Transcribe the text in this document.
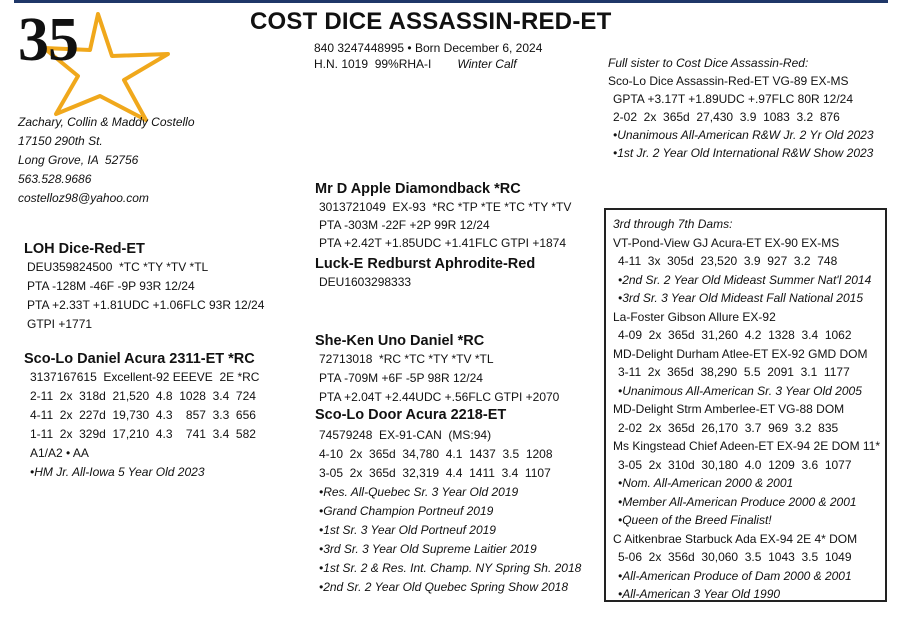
35	COST DICE ASSASSIN-RED-ET
840 3247448995 • Born December 6, 2024
H.N. 1019  99%RHA-I Winter Calf
Zachary, Collin & Maddy Costello
17150 290th St.
Long Grove, IA  52756
563.528.9686
costelloz98@yahoo.com
Full sister to Cost Dice Assassin-Red:
Sco-Lo Dice Assassin-Red-ET VG-89 EX-MS
GPTA +3.17T +1.89UDC +.97FLC 80R 12/24
2-02  2x  365d  27,430  3.9  1083  3.2  876
•Unanimous All-American R&W Jr. 2 Yr Old 2023
•1st Jr. 2 Year Old International R&W Show 2023
Mr D Apple Diamondback *RC
3013721049  EX-93  *RC *TP *TE *TC *TY *TV
PTA -303M -22F +2P 99R 12/24
PTA +2.42T +1.85UDC +1.41FLC GTPI +1874
Luck-E Redburst Aphrodite-Red
DEU1603298333
LOH Dice-Red-ET
DEU359824500  *TC *TY *TV *TL
PTA -128M -46F -9P 93R 12/24
PTA +2.33T +1.81UDC +1.06FLC 93R 12/24
GTPI +1771
Sco-Lo Daniel Acura 2311-ET *RC
3137167615  Excellent-92 EEEVE  2E *RC
2-11  2x  318d  21,520  4.8  1028  3.4  724
4-11  2x  227d  19,730  4.3    857  3.3  656
1-11  2x  329d  17,210  4.3    741  3.4  582
A1/A2 • AA
•HM Jr. All-Iowa 5 Year Old 2023
She-Ken Uno Daniel *RC
72713018  *RC *TC *TY *TV *TL
PTA -709M +6F -5P 98R 12/24
PTA +2.04T +2.44UDC +.56FLC GTPI +2070
Sco-Lo Door Acura 2218-ET
74579248  EX-91-CAN  (MS:94)
4-10  2x  365d  34,780  4.1  1437  3.5  1208
3-05  2x  365d  32,319  4.4  1411  3.4  1107
•Res. All-Quebec Sr. 3 Year Old 2019
•Grand Champion Portneuf 2019
•1st Sr. 3 Year Old Portneuf 2019
•3rd Sr. 3 Year Old Supreme Laitier 2019
•1st Sr. 2 & Res. Int. Champ. NY Spring Sh. 2018
•2nd Sr. 2 Year Old Quebec Spring Show 2018
3rd through 7th Dams:
VT-Pond-View GJ Acura-ET EX-90 EX-MS
4-11  3x  305d  23,520  3.9  927  3.2  748
•2nd Sr. 2 Year Old Mideast Summer Nat'l 2014
•3rd Sr. 3 Year Old Mideast Fall National 2015
La-Foster Gibson Allure EX-92
4-09  2x  365d  31,260  4.2  1328  3.4  1062
MD-Delight Durham Atlee-ET EX-92 GMD DOM
3-11  2x  365d  38,290  5.5  2091  3.1  1177
•Unanimous All-American Sr. 3 Year Old 2005
MD-Delight Strm Amberlee-ET VG-88 DOM
2-02  2x  365d  26,170  3.7  969  3.2  835
Ms Kingstead Chief Adeen-ET EX-94 2E DOM 11*
3-05  2x  310d  30,180  4.0  1209  3.6  1077
•Nom. All-American 2000 & 2001
•Member All-American Produce 2000 & 2001
•Queen of the Breed Finalist!
C Aitkenbrae Starbuck Ada EX-94 2E 4* DOM
5-06  2x  356d  30,060  3.5  1043  3.5  1049
•All-American Produce of Dam 2000 & 2001
•All-American 3 Year Old 1990
